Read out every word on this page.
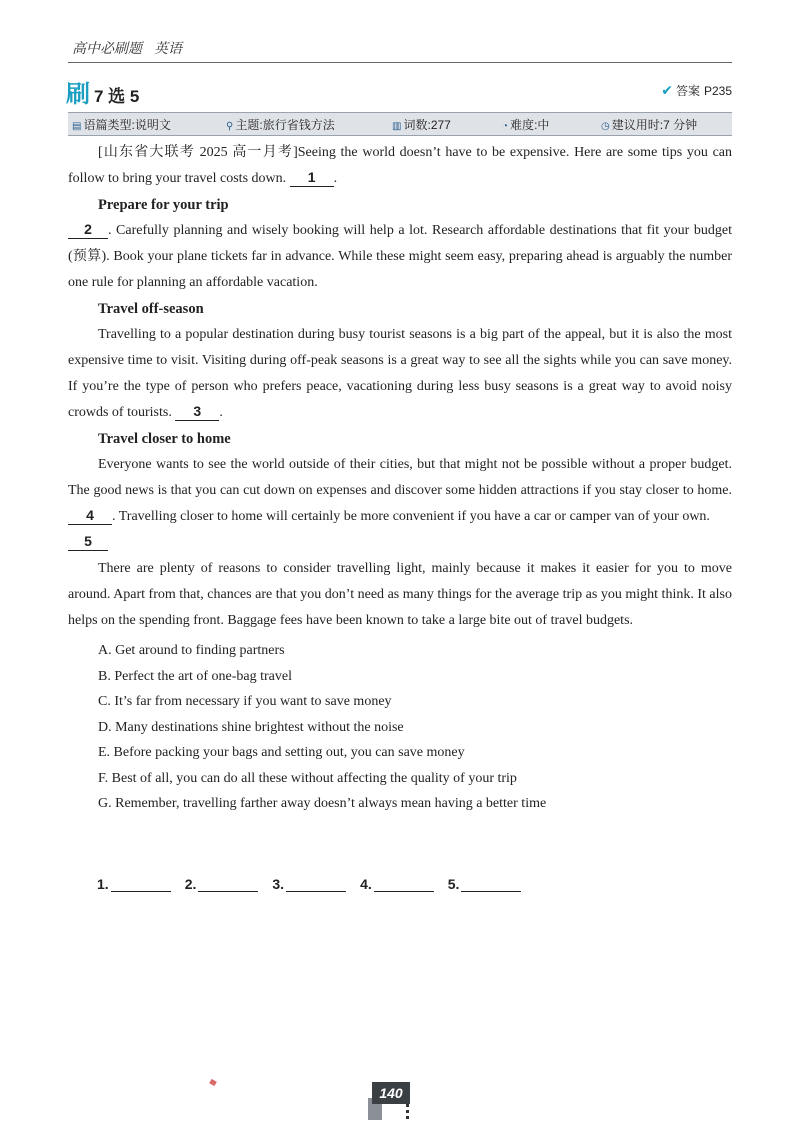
高中必刷题 英语
刷 7 选 5	✔ 答案 P235
▤ 语篇类型:说明文	⚲ 主题:旅行省钱方法	▥ 词数:277	◔ 难度:中	◷ 建议用时:7 分钟

[山东省大联考 2025 高一月考]Seeing the world doesn’t have to be expensive. Here are some tips you can follow to bring your travel costs down. 1 .

Prepare for your trip

2 . Carefully planning and wisely booking will help a lot. Research affordable destinations that fit your budget (预算). Book your plane tickets far in advance. While these might seem easy, preparing ahead is arguably the number one rule for planning an affordable vacation.

Travel off-season

Travelling to a popular destination during busy tourist seasons is a big part of the appeal, but it is also the most expensive time to visit. Visiting during off-peak seasons is a great way to see all the sights while you can save money. If you’re the type of person who prefers peace, vacationing during less busy seasons is a great way to avoid noisy crowds of tourists. 3 .

Travel closer to home

Everyone wants to see the world outside of their cities, but that might not be possible without a proper budget. The good news is that you can cut down on expenses and discover some hidden attractions if you stay closer to home. 4 . Travelling closer to home will certainly be more convenient if you have a car or camper van of your own.

5

There are plenty of reasons to consider travelling light, mainly because it makes it easier for you to move around. Apart from that, chances are that you don’t need as many things for the average trip as you might think. It also helps on the spending front. Baggage fees have been known to take a large bite out of travel budgets.

A. Get around to finding partners

B. Perfect the art of one-bag travel

C. It’s far from necessary if you want to save money

D. Many destinations shine brightest without the noise

E. Before packing your bags and setting out, you can save money

F. Best of all, you can do all these without affecting the quality of your trip

G. Remember, travelling farther away doesn’t always mean having a better time

1.	2.	3.	4.	5.
140
